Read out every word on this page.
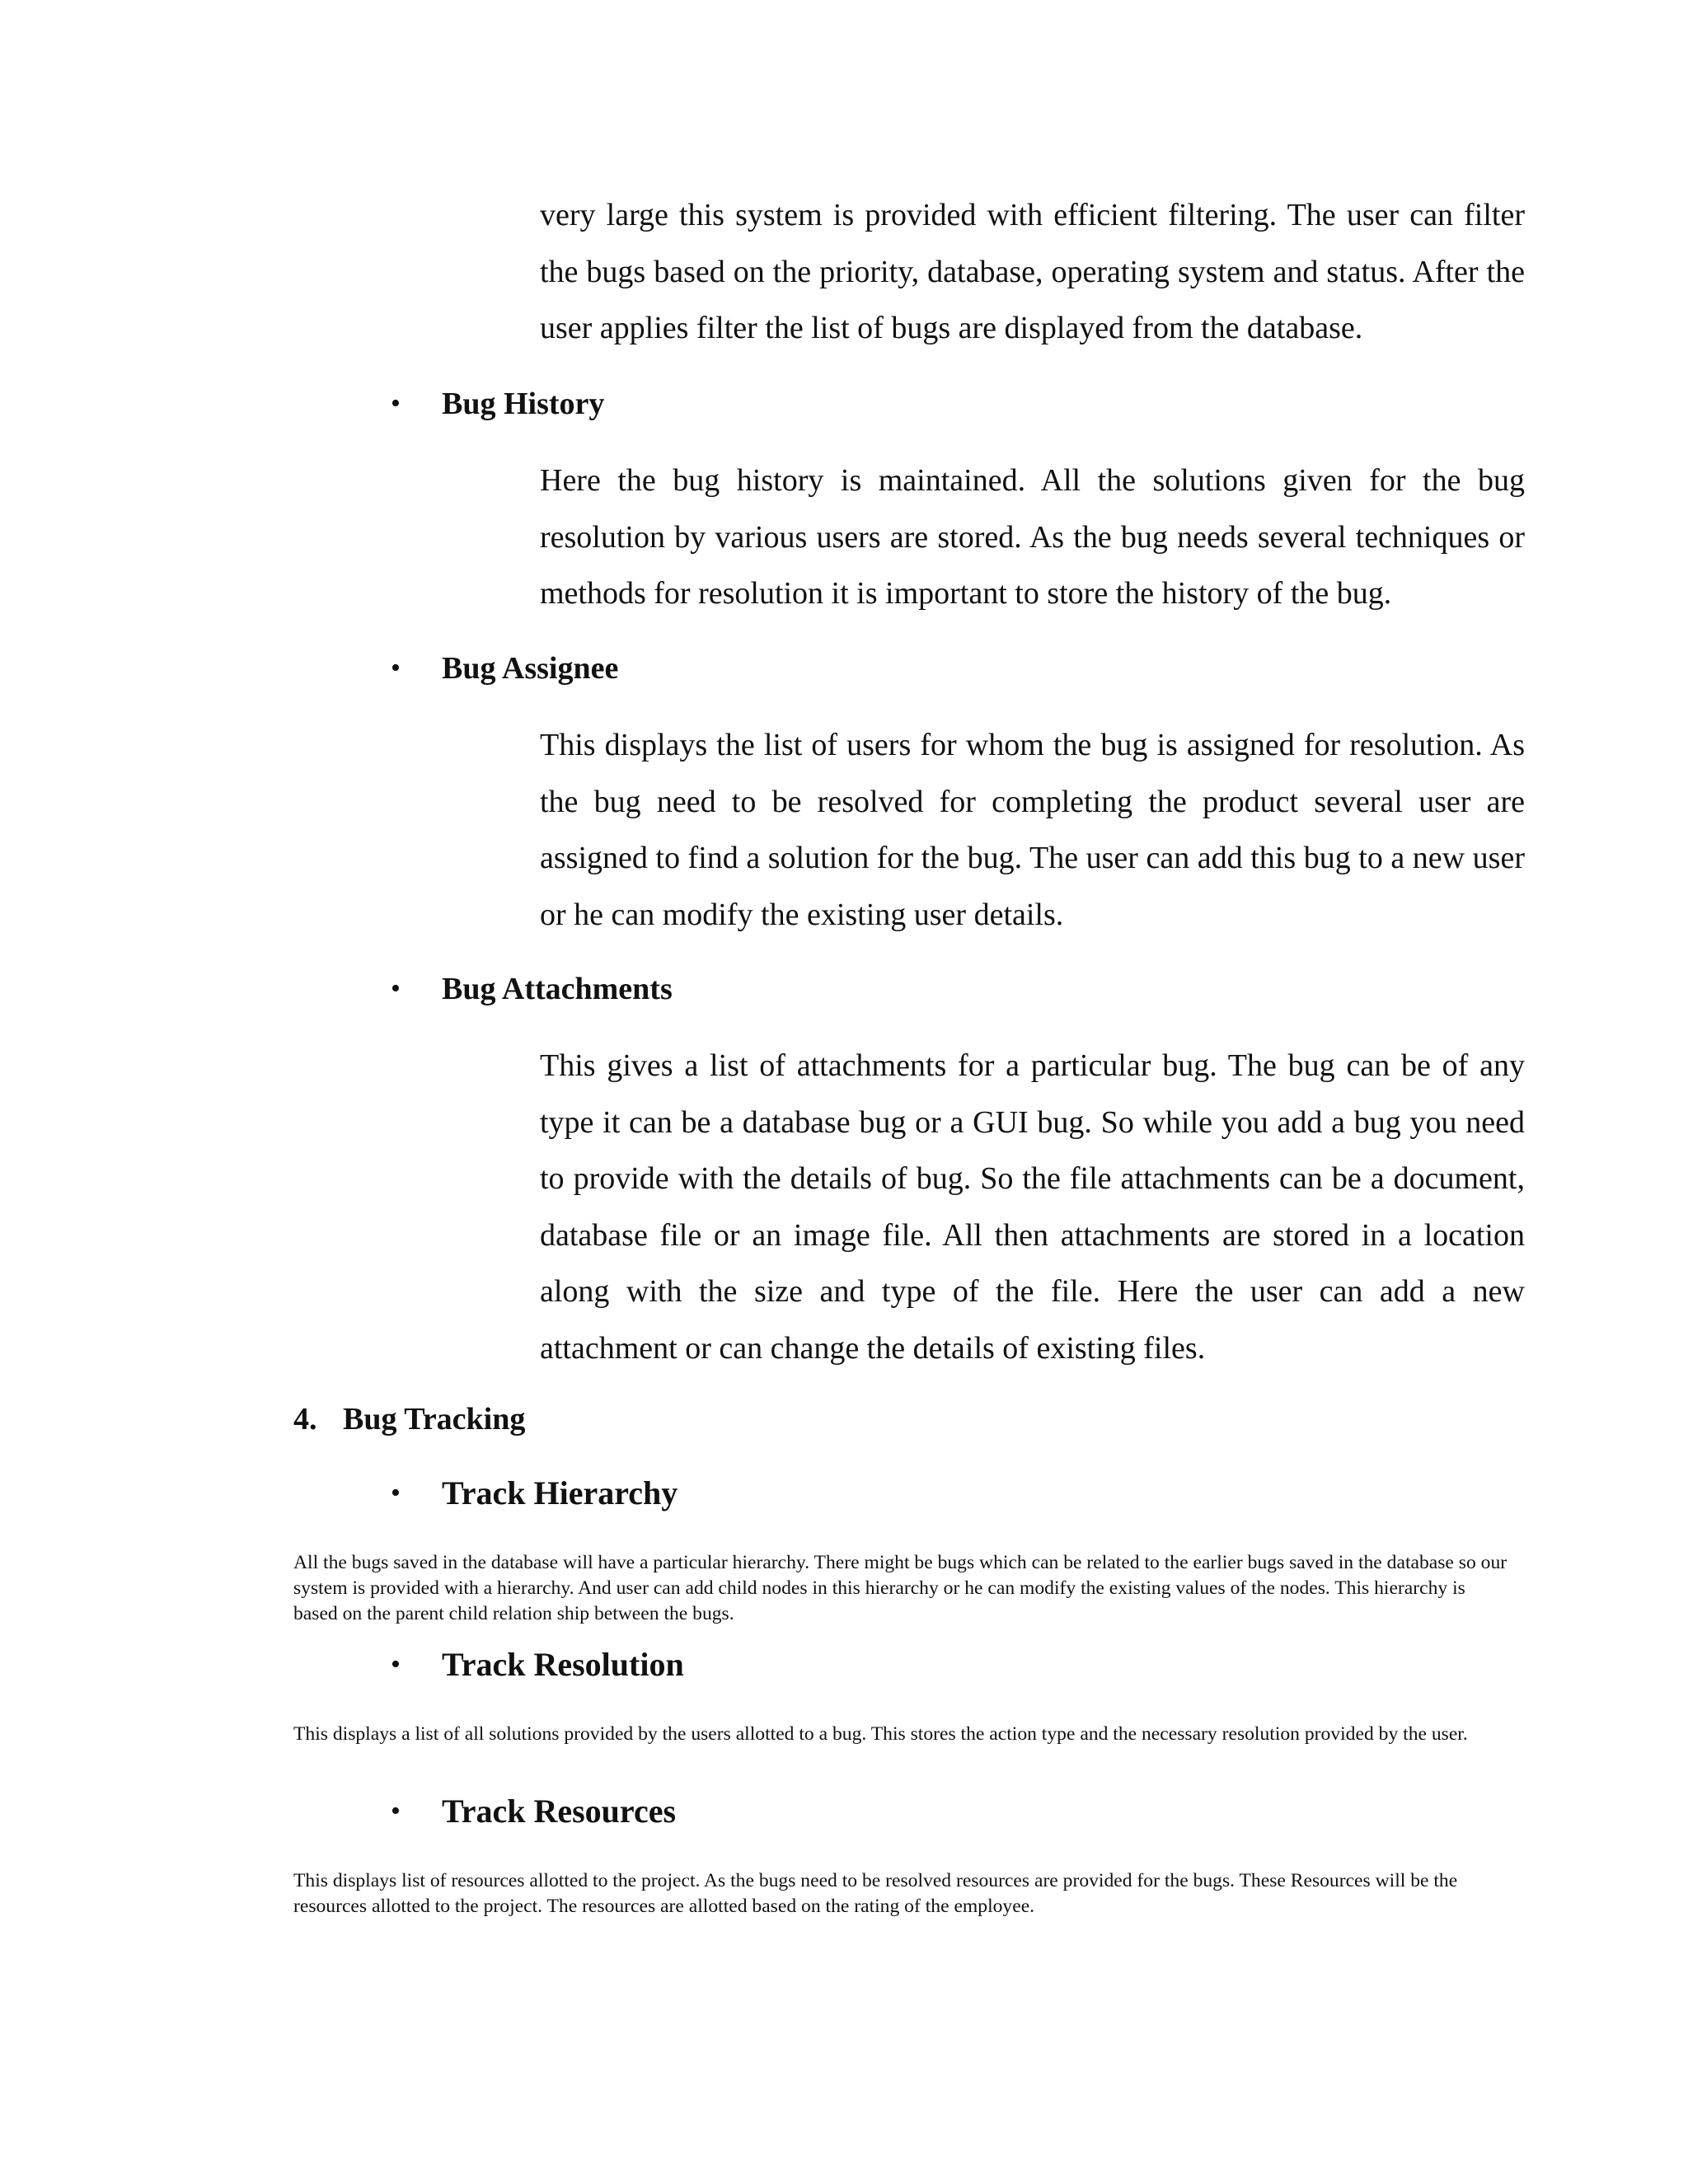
very large this system is provided with efficient filtering. The user can filter the bugs based on the priority, database, operating system and status. After the user applies filter the list of bugs are displayed from the database.

•	Bug History

Here the bug history is maintained. All the solutions given for the bug resolution by various users are stored. As the bug needs several techniques or methods for resolution it is important to store the history of the bug.

•	Bug Assignee

This displays the list of users for whom the bug is assigned for resolution. As the bug need to be resolved for completing the product several user are assigned to find a solution for the bug. The user can add this bug to a new user or he can modify the existing user details.

•	Bug Attachments

This gives a list of attachments for a particular bug. The bug can be of any type it can be a database bug or a GUI bug. So while you add a bug you need to provide with the details of bug. So the file attachments can be a document, database file or an image file. All then attachments are stored in a location along with the size and type of the file. Here the user can add a new attachment or can change the details of existing files.

4. Bug Tracking
•	Track Hierarchy

All the bugs saved in the database will have a particular hierarchy. There might be bugs which can be related to the earlier bugs saved in the database so our system is provided with a hierarchy. And user can add child nodes in this hierarchy or he can modify the existing values of the nodes. This hierarchy is based on the parent child relation ship between the bugs.

•	Track Resolution

This displays a list of all solutions provided by the users allotted to a bug. This stores the action type and the necessary resolution provided by the user.

•	Track Resources

This displays list of resources allotted to the project. As the bugs need to be resolved resources are provided for the bugs. These Resources will be the resources allotted to the project. The resources are allotted based on the rating of the employee.
